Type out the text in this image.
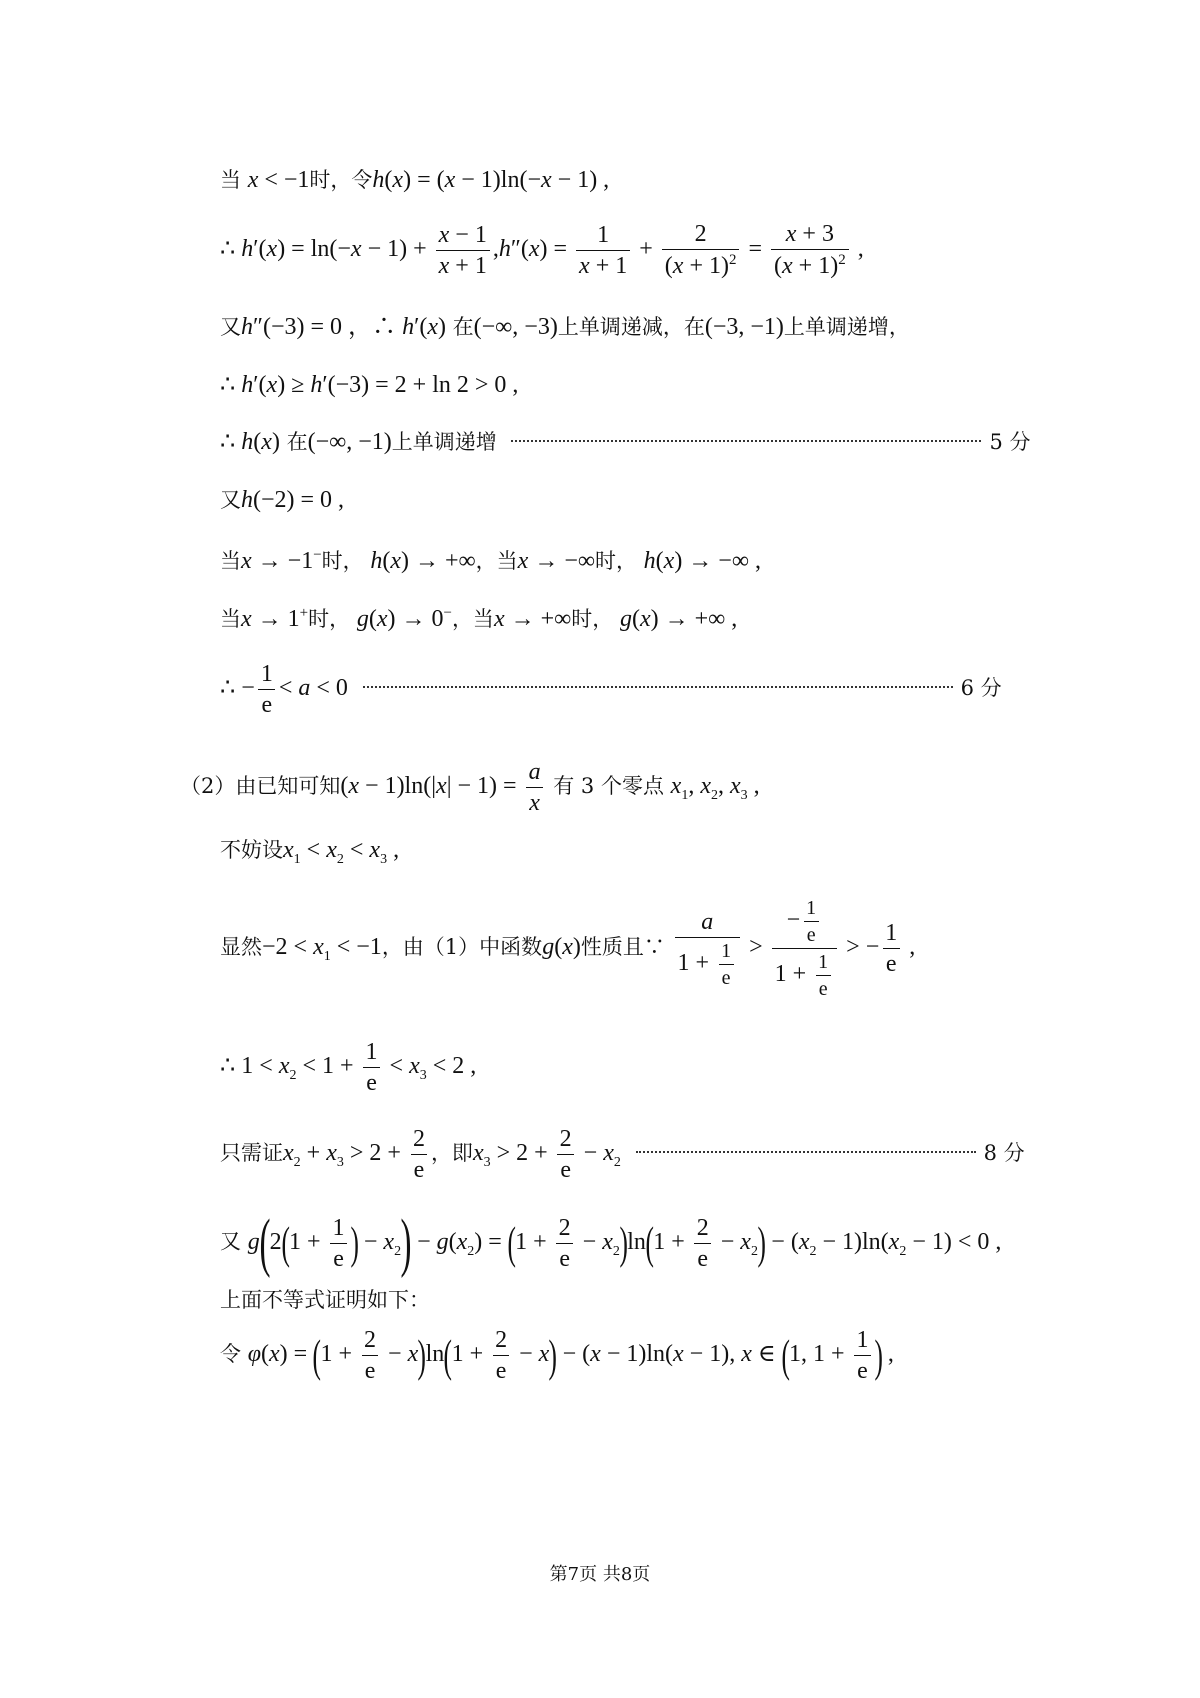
当 x < −1时，令h(x) = (x − 1)ln(−x − 1) ,
∴ $h'(x) = \ln(-x - 1) + \frac{x - 1}{x + 1} ,h''(x) = \frac{1}{x + 1} + \frac{2}{(x + 1)^2} = \frac{x + 3}{(x + 1)^2}$ ,
又h″(−3) = 0 ，∴ h′(x) 在(−∞, −3)上单调递减，在(−3, −1)上单调递增，
∴ h′(x) ≥ h′(−3) = 2 + ln 2 > 0 ,
∴ h(x) 在(−∞, −1)上单调递增	5 分
又h(−2) = 0 ,
当x → −1−时， h(x) → +∞，当x → −∞时， h(x) → −∞ ,
当x → 1+时， g(x) → 0−，当x → +∞时， g(x) → +∞ ,
∴ − $\frac{1}{e} < a < 0$	6 分
（2）由已知可知$(x - 1)\ln(|x| - 1) = \frac{a}{x}$ 有 3 个零点 $x_1$, $x_2$, $x_3$ ,
不妨设$x_1 < x_2 < x_3$ ,
显然$-2 < x_1 < -1$，由（1）中函数g(x)性质且∵ $\frac{a}{1 + \frac{1}{e}} > \frac{- \frac{1}{e}}{1 + \frac{1}{e}}$ > − $\frac{1}{e}$ ,
∴ $1 < x_2 < 1 + \frac{1}{e} < x_3 < 2$ ,
只需证$x_2 + x_3 > 2 + \frac{2}{e}$ ，即$x_3 > 2 + \frac{2}{e} - x_2$	8 分
又 $g(2(1 + \frac{1}{e}$ ) − $x_2) - g(x_2) = (1 + \frac{2}{e} - x_2)\ln(1 + \frac{2}{e} - x_2) - (x_2 - 1)\ln(x_2 - 1) < 0$ ,
上面不等式证明如下：
令 $\varphi(x) = (1 + \frac{2}{e} - x)\ln(1 + \frac{2}{e} - x) - (x - 1)\ln(x - 1)$, x ∈ (1, $1 + \frac{1}{e}$ ) ,
第7页 共8页
